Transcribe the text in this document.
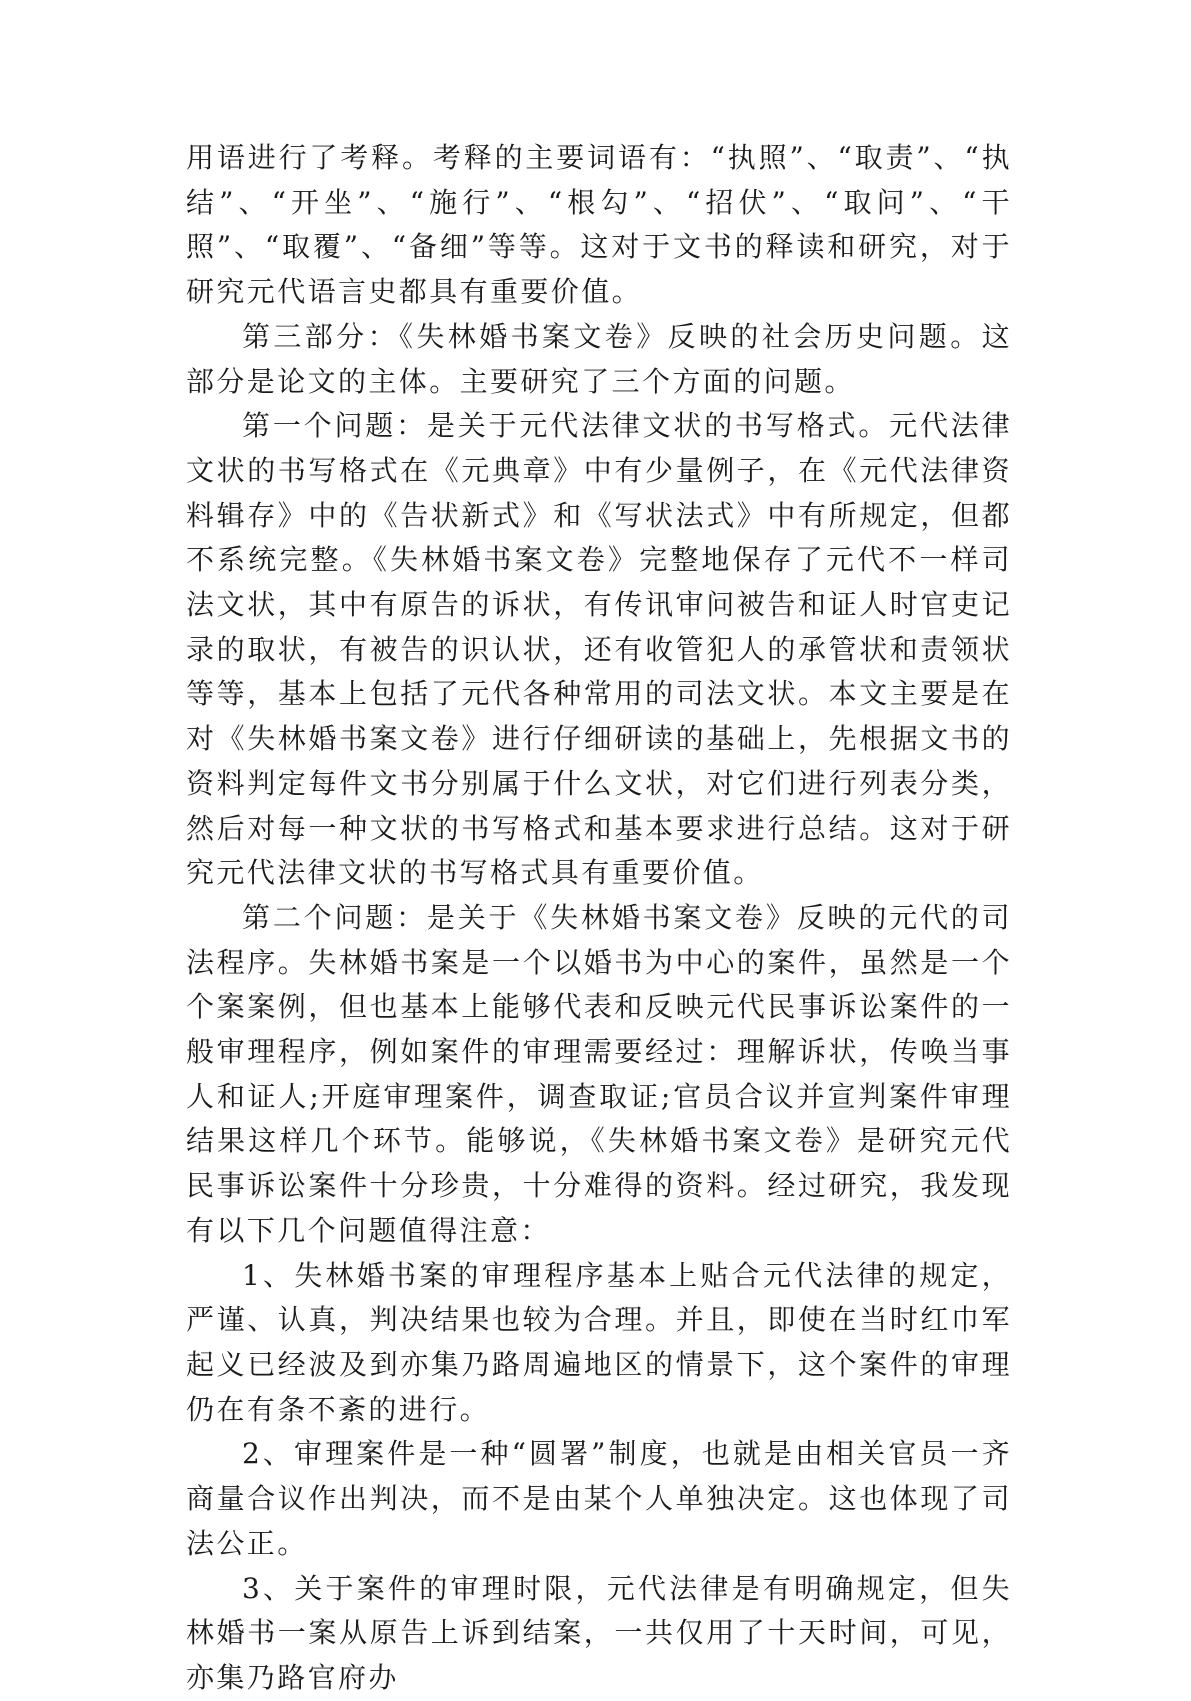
用语进行了考释。考释的主要词语有：“执照”、“取责”、“执结”、“开坐”、“施行”、“根勾”、“招伏”、“取问”、“干照”、“取覆”、“备细”等等。这对于文书的释读和研究，对于研究元代语言史都具有重要价值。

第三部分：《失林婚书案文卷》反映的社会历史问题。这部分是论文的主体。主要研究了三个方面的问题。

第一个问题：是关于元代法律文状的书写格式。元代法律文状的书写格式在《元典章》中有少量例子，在《元代法律资料辑存》中的《告状新式》和《写状法式》中有所规定，但都不系统完整。《失林婚书案文卷》完整地保存了元代不一样司法文状，其中有原告的诉状，有传讯审问被告和证人时官吏记录的取状，有被告的识认状，还有收管犯人的承管状和责领状等等，基本上包括了元代各种常用的司法文状。本文主要是在对《失林婚书案文卷》进行仔细研读的基础上，先根据文书的资料判定每件文书分别属于什么文状，对它们进行列表分类，然后对每一种文状的书写格式和基本要求进行总结。这对于研究元代法律文状的书写格式具有重要价值。

第二个问题：是关于《失林婚书案文卷》反映的元代的司法程序。失林婚书案是一个以婚书为中心的案件，虽然是一个个案案例，但也基本上能够代表和反映元代民事诉讼案件的一般审理程序，例如案件的审理需要经过：理解诉状，传唤当事人和证人;开庭审理案件，调查取证;官员合议并宣判案件审理结果这样几个环节。能够说，《失林婚书案文卷》是研究元代民事诉讼案件十分珍贵，十分难得的资料。经过研究，我发现有以下几个问题值得注意：

1、失林婚书案的审理程序基本上贴合元代法律的规定，严谨、认真，判决结果也较为合理。并且，即使在当时红巾军起义已经波及到亦集乃路周遍地区的情景下，这个案件的审理仍在有条不紊的进行。

2、审理案件是一种“圆署”制度，也就是由相关官员一齐商量合议作出判决，而不是由某个人单独决定。这也体现了司法公正。

3、关于案件的审理时限，元代法律是有明确规定，但失林婚书一案从原告上诉到结案，一共仅用了十天时间，可见，亦集乃路官府办
